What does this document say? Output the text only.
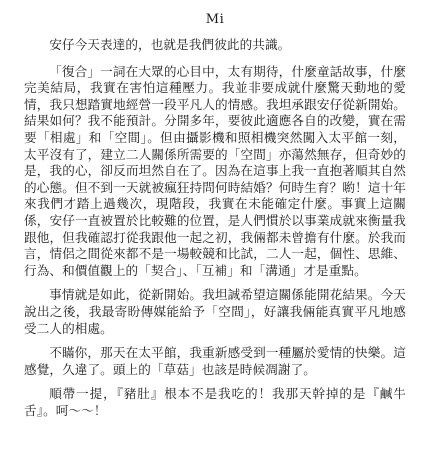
Mi

安仔今天表達的，也就是我們彼此的共識。

「復合」一詞在大眾的心目中，太有期待，什麼童話故事，什麼完美結局，我實在害怕這種壓力。我並非要成就什麼驚天動地的愛情，我只想踏實地經營一段平凡人的情感。我坦承跟安仔從新開始。結果如何？我不能預計。分開多年，要彼此適應各自的改變，實在需要「相處」和「空間」。但由攝影機和照相機突然闖入太平館一刻，太平沒有了，建立二人關係所需要的「空間」亦蕩然無存，但奇妙的是，我的心，卻反而坦然自在了。因為在這事上我一直抱著順其自然的心態。但不到一天就被瘋狂持問何時結婚？何時生育？喲！這十年來我們才踏上過幾次，現階段，我實在未能確定什麼。事實上這關係，安仔一直被置於比較難的位置，是人們慣於以事業成就來衡量我跟他，但我確認打從我跟他一起之初，我倆都未曾擔有什麼。於我而言，情侶之間從來都不是一場較競和比試，二人一起，個性、思維、行為、和價值觀上的「契合」、「互補」和「溝通」才是重點。

事情就是如此，從新開始。我坦誠希望這關係能開花結果。今天說出之後，我最寄盼傳媒能給予「空間」，好讓我倆能真實平凡地感受二人的相處。

不瞞你，那天在太平館，我重新感受到一種屬於愛情的快樂。這感覺，久違了。頭上的「草菇」也該是時候凋謝了。

順帶一提，『豬肚』根本不是我吃的！我那天幹掉的是『鹹牛舌』。呵～～！
